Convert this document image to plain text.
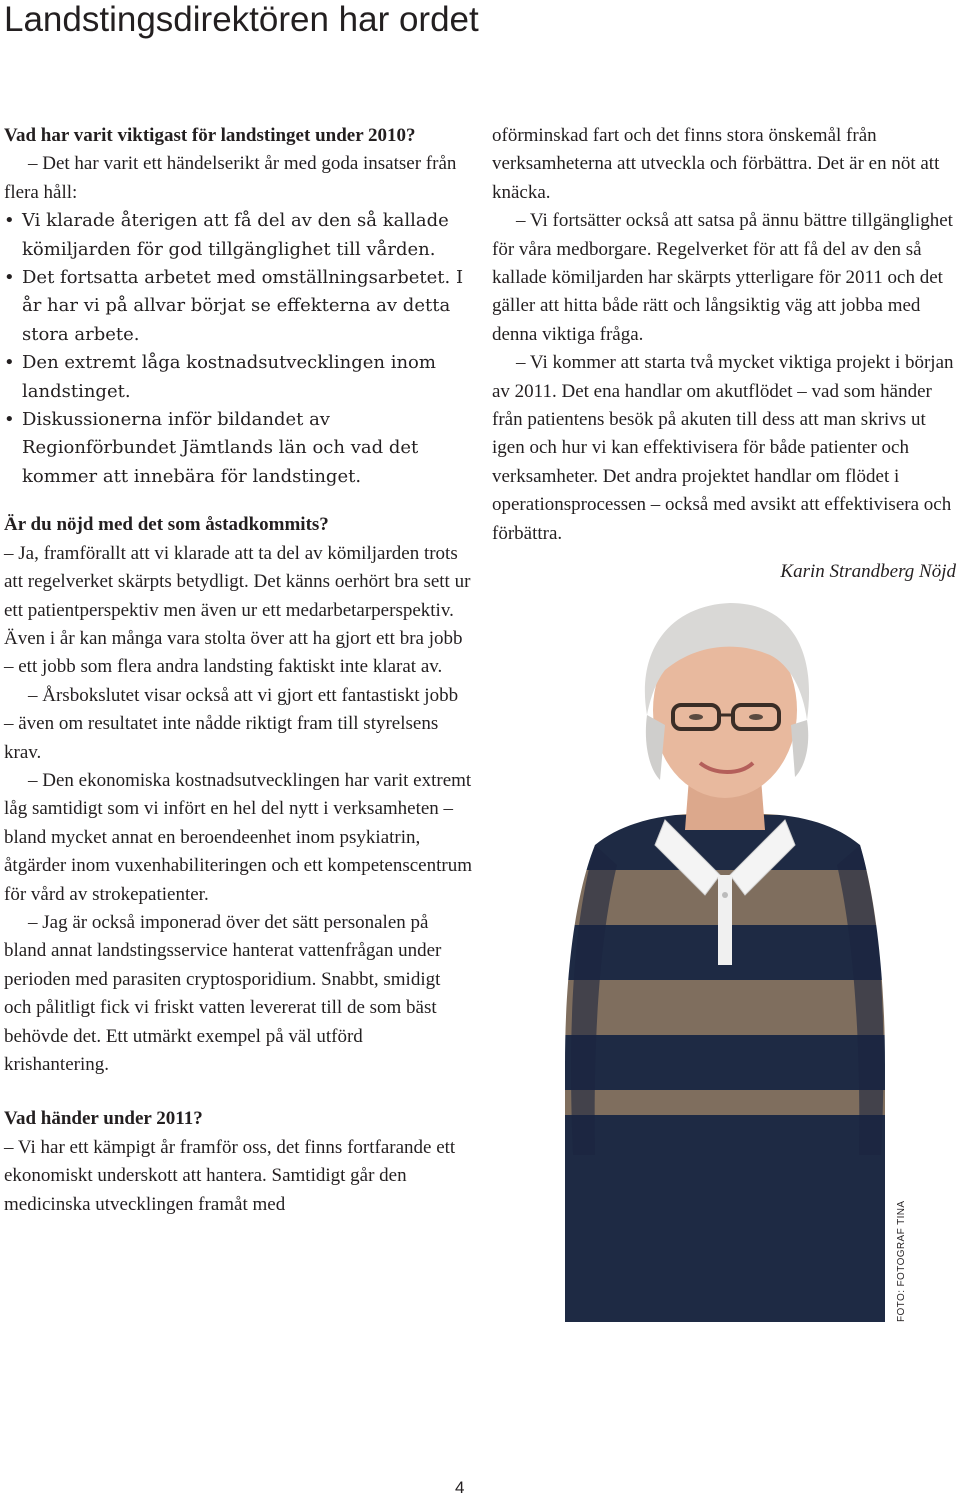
Landstingsdirektören har ordet

Vad har varit viktigast för landstinget under 2010?

– Det har varit ett händelserikt år med goda insatser från flera håll:

• Vi klarade återigen att få del av den så kallade kömiljarden för god tillgänglighet till vården.
• Det fortsatta arbetet med omställningsarbetet. I år har vi på allvar börjat se effekterna av detta stora arbete.
• Den extremt låga kostnadsutvecklingen inom landstinget.
• Diskussionerna inför bildandet av Regionförbundet Jämtlands län och vad det kommer att innebära för landstinget.

Är du nöjd med det som åstadkommits?

– Ja, framförallt att vi klarade att ta del av kömiljarden trots att regelverket skärpts betydligt. Det känns oerhört bra sett ur ett patientperspektiv men även ur ett medarbetarperspektiv. Även i år kan många vara stolta över att ha gjort ett bra jobb – ett jobb som flera andra landsting faktiskt inte klarat av.

– Årsbokslutet visar också att vi gjort ett fantastiskt jobb – även om resultatet inte nådde riktigt fram till styrelsens krav.

– Den ekonomiska kostnadsutvecklingen har varit extremt låg samtidigt som vi infört en hel del nytt i verksamheten – bland mycket annat en beroendeenhet inom psykiatrin, åtgärder inom vuxenhabiliteringen och ett kompetenscentrum för vård av strokepatienter.

– Jag är också imponerad över det sätt personalen på bland annat landstingsservice hanterat vattenfrågan under perioden med parasiten cryptosporidium. Snabbt, smidigt och pålitligt fick vi friskt vatten levererat till de som bäst behövde det. Ett utmärkt exempel på väl utförd krishantering.

Vad händer under 2011?

– Vi har ett kämpigt år framför oss, det finns fortfarande ett ekonomiskt underskott att hantera. Samtidigt går den medicinska utvecklingen framåt med

oförminskad fart och det finns stora önskemål från verksamheterna att utveckla och förbättra. Det är en nöt att knäcka.

– Vi fortsätter också att satsa på ännu bättre tillgänglighet för våra medborgare. Regelverket för att få del av den så kallade kömiljarden har skärpts ytterligare för 2011 och det gäller att hitta både rätt och långsiktig väg att jobba med denna viktiga fråga.

– Vi kommer att starta två mycket viktiga projekt i början av 2011. Det ena handlar om akutflödet – vad som händer från patientens besök på akuten till dess att man skrivs ut igen och hur vi kan effektivisera för både patienter och verksamheter. Det andra projektet handlar om flödet i operationsprocessen – också med avsikt att effektivisera och förbättra.

Karin Strandberg Nöjd

FOTO: FOTOGRAF TINA
4
